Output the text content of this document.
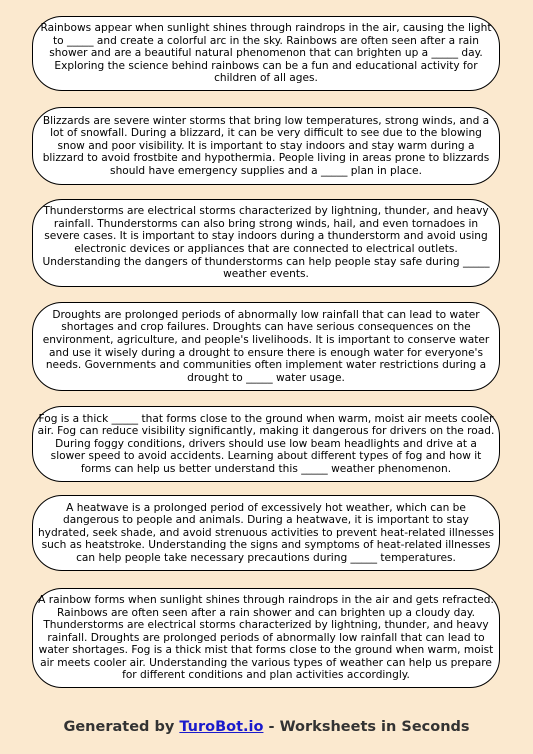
Rainbows appear when sunlight shines through raindrops in the air, causing the light to _____ and create a colorful arc in the sky. Rainbows are often seen after a rain shower and are a beautiful natural phenomenon that can brighten up a _____ day. Exploring the science behind rainbows can be a fun and educational activity for children of all ages.

Blizzards are severe winter storms that bring low temperatures, strong winds, and a lot of snowfall. During a blizzard, it can be very difficult to see due to the blowing snow and poor visibility. It is important to stay indoors and stay warm during a blizzard to avoid frostbite and hypothermia. People living in areas prone to blizzards should have emergency supplies and a _____ plan in place.

Thunderstorms are electrical storms characterized by lightning, thunder, and heavy rainfall. Thunderstorms can also bring strong winds, hail, and even tornadoes in severe cases. It is important to stay indoors during a thunderstorm and avoid using electronic devices or appliances that are connected to electrical outlets. Understanding the dangers of thunderstorms can help people stay safe during _____ weather events.

Droughts are prolonged periods of abnormally low rainfall that can lead to water shortages and crop failures. Droughts can have serious consequences on the environment, agriculture, and people's livelihoods. It is important to conserve water and use it wisely during a drought to ensure there is enough water for everyone's needs. Governments and communities often implement water restrictions during a drought to _____ water usage.

Fog is a thick _____ that forms close to the ground when warm, moist air meets cooler air. Fog can reduce visibility significantly, making it dangerous for drivers on the road. During foggy conditions, drivers should use low beam headlights and drive at a slower speed to avoid accidents. Learning about different types of fog and how it forms can help us better understand this _____ weather phenomenon.

A heatwave is a prolonged period of excessively hot weather, which can be dangerous to people and animals. During a heatwave, it is important to stay hydrated, seek shade, and avoid strenuous activities to prevent heat-related illnesses such as heatstroke. Understanding the signs and symptoms of heat-related illnesses can help people take necessary precautions during _____ temperatures.

A rainbow forms when sunlight shines through raindrops in the air and gets refracted. Rainbows are often seen after a rain shower and can brighten up a cloudy day. Thunderstorms are electrical storms characterized by lightning, thunder, and heavy rainfall. Droughts are prolonged periods of abnormally low rainfall that can lead to water shortages. Fog is a thick mist that forms close to the ground when warm, moist air meets cooler air. Understanding the various types of weather can help us prepare for different conditions and plan activities accordingly.

Generated by TuroBot.io - Worksheets in Seconds
